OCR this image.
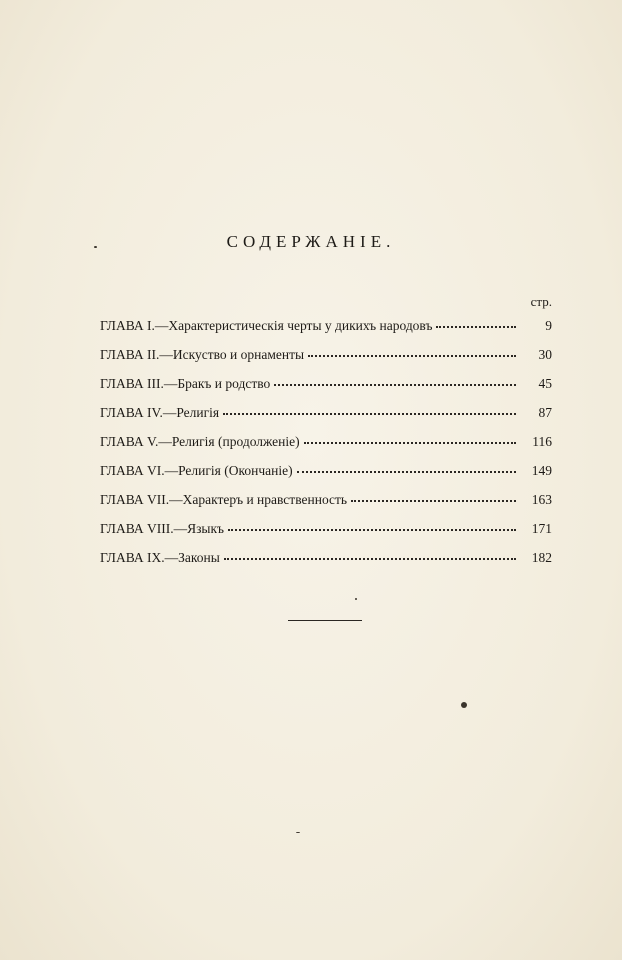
СОДЕРЖАНІЕ.
стр.
ГЛАВА I.—Характеристическія черты у дикихъ народовъ	9
ГЛАВА II.—Искуство и орнаменты	30
ГЛАВА III.—Бракъ и родство	45
ГЛАВА IV.—Религія	87
ГЛАВА V.—Религія (продолженіе)	116
ГЛАВА VI.—Религія (Окончаніе)	149
ГЛАВА VII.—Характеръ и нравственность	163
ГЛАВА VIII.—Языкъ	171
ГЛАВА IX.—Законы	182
